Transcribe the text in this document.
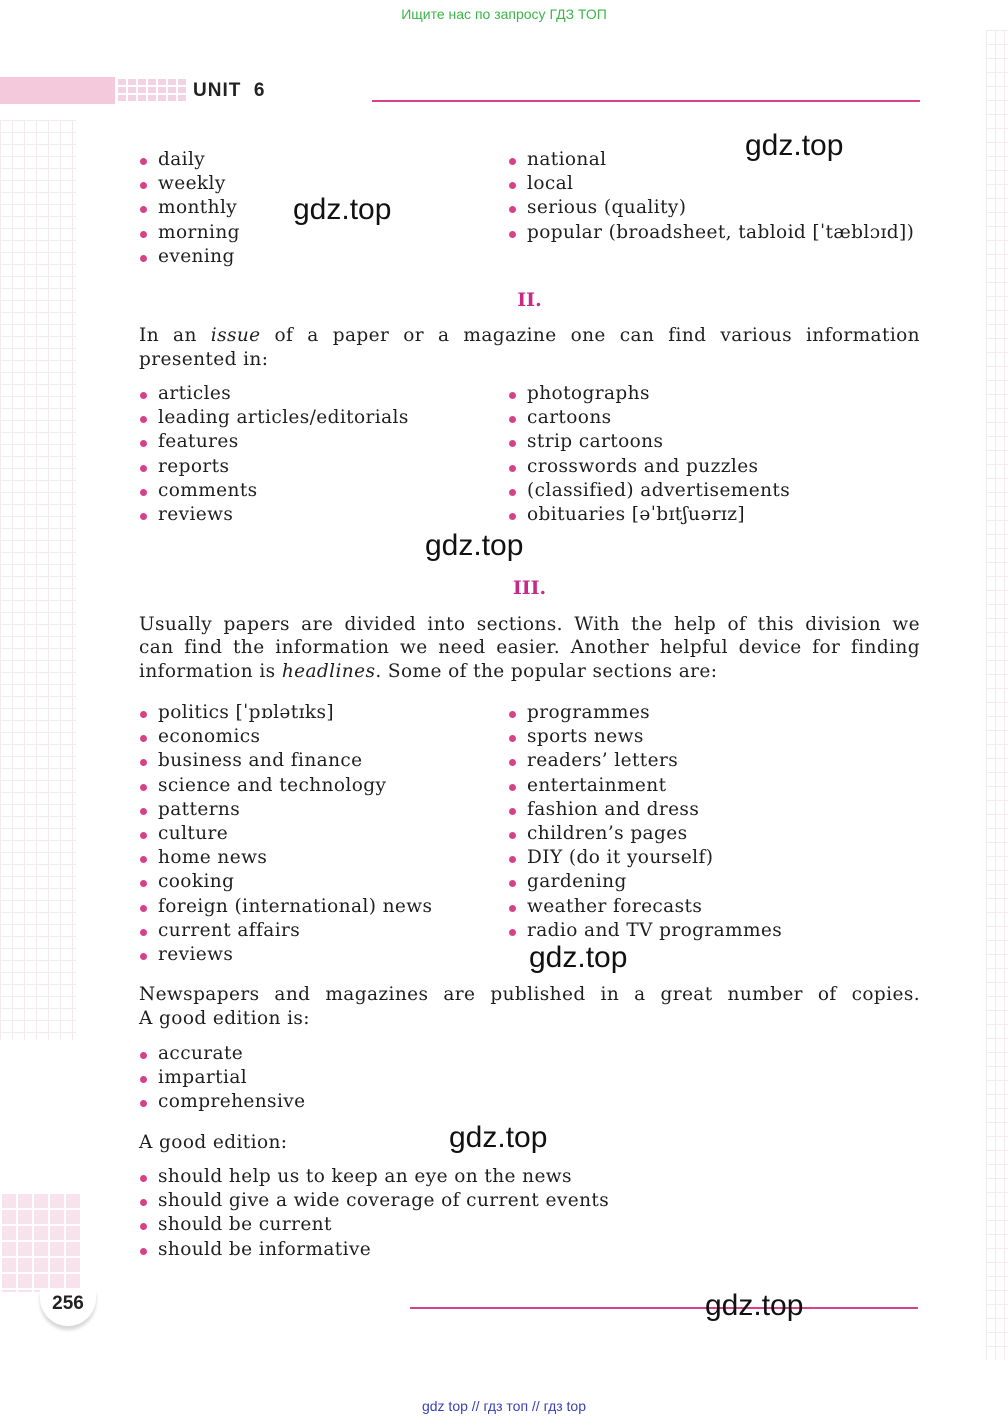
Ищите нас по запросу ГДЗ ТОП
gdz top // гдз топ // гдз top
UNIT 6
daily
weekly
monthly
morning
evening
national
local
serious (quality)
popular (broadsheet, tabloid [ˈtæblɔɪd])
II.

In an issue of a paper or a magazine one can find various information

presented in:

articles
leading articles/editorials
features
reports
comments
reviews
photographs
cartoons
strip cartoons
crosswords and puzzles
(classified) advertisements
obituaries [əˈbɪtʃuərɪz]
III.

Usually papers are divided into sections. With the help of this division we

can find the information we need easier. Another helpful device for finding

information is headlines. Some of the popular sections are:

politics [ˈpɒlətɪks]
economics
business and finance
science and technology
patterns
culture
home news
cooking
foreign (international) news
current affairs
reviews
programmes
sports news
readers’ letters
entertainment
fashion and dress
children’s pages
DIY (do it yourself)
gardening
weather forecasts
radio and TV programmes

Newspapers and magazines are published in a great number of copies.

A good edition is:

accurate
impartial
comprehensive

A good edition:

should help us to keep an eye on the news
should give a wide coverage of current events
should be current
should be informative
256
gdz.top
gdz.top
gdz.top
gdz.top
gdz.top
gdz.top
